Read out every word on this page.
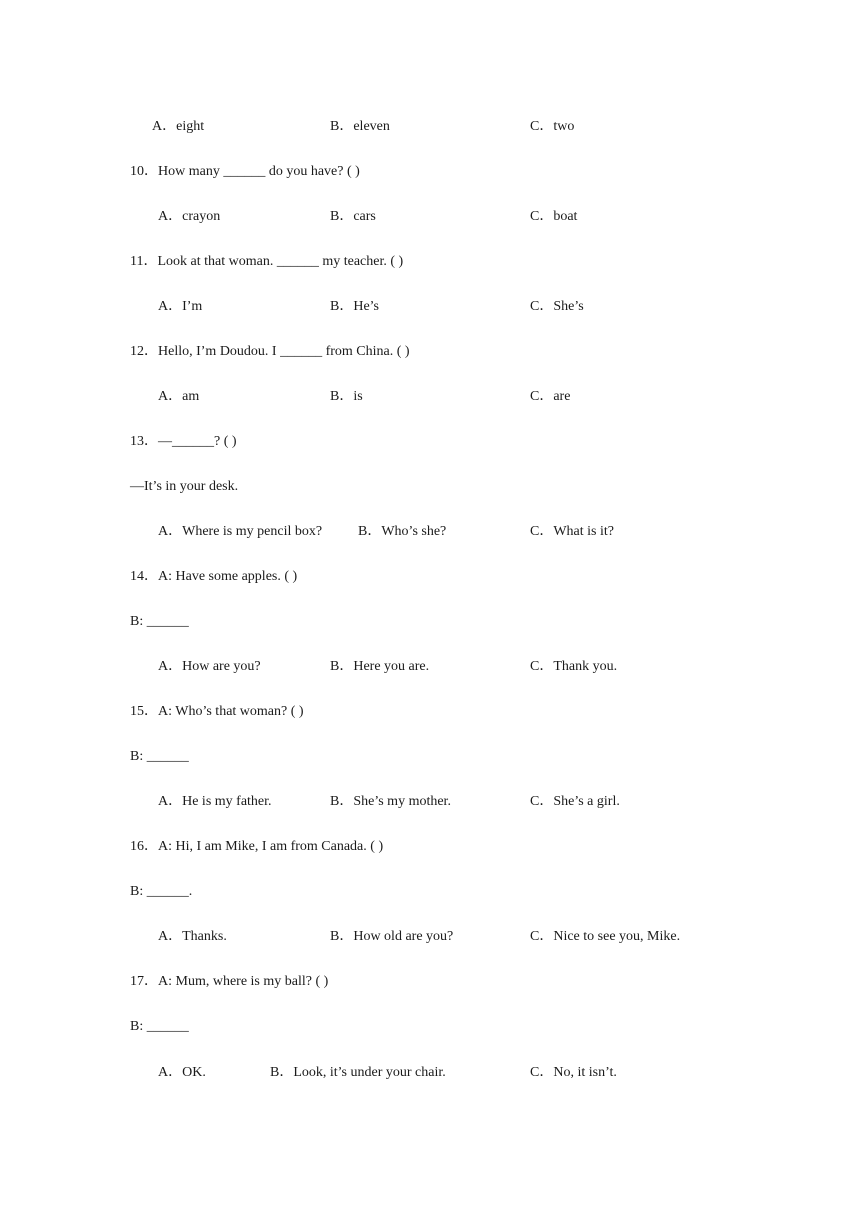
A．eight	B．eleven	C．two
10．How many ______ do you have? ( )
A．crayon	B．cars	C．boat
11．Look at that woman. ______ my teacher. ( )
A．I’m	B．He’s	C．She’s
12．Hello, I’m Doudou. I ______ from China. ( )
A．am	B．is	C．are
13．—______? ( )
—It’s in your desk.
A．Where is my pencil box?	B．Who’s she?	C．What is it?
14．A: Have some apples. ( )
B: ______
A．How are you?	B．Here you are.	C．Thank you.
15．A: Who’s that woman? ( )
B: ______
A．He is my father.	B．She’s my mother.	C．She’s a girl.
16．A: Hi, I am Mike, I am from Canada. ( )
B: ______.
A．Thanks.	B．How old are you?	C．Nice to see you, Mike.
17．A: Mum, where is my ball? ( )
B: ______
A．OK.	B．Look, it’s under your chair.	C．No, it isn’t.
